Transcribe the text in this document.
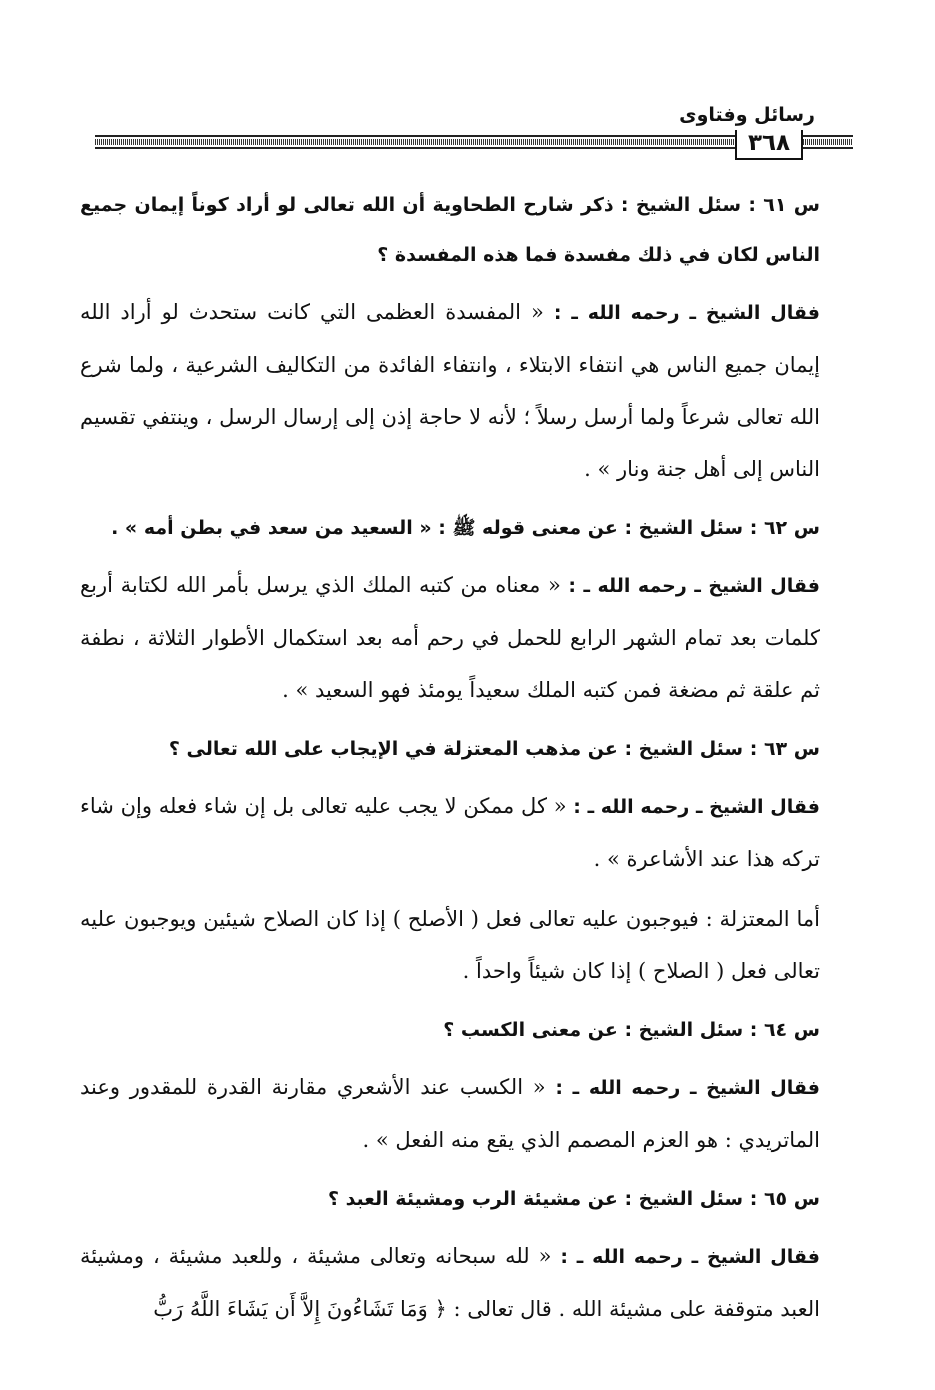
رسائل وفتاوى
٣٦٨
س ٦١ : سئل الشيخ : ذكر شارح الطحاوية أن الله تعالى لو أراد كوناً إيمان جميع الناس لكان في ذلك مفسدة فما هذه المفسدة ؟
فقال الشيخ ـ رحمه الله ـ : « المفسدة العظمى التي كانت ستحدث لو أراد الله إيمان جميع الناس هي انتفاء الابتلاء ، وانتفاء الفائدة من التكاليف الشرعية ، ولما شرع الله تعالى شرعاً ولما أرسل رسلاً ؛ لأنه لا حاجة إذن إلى إرسال الرسل ، وينتفي تقسيم الناس إلى أهل جنة ونار » .
س ٦٢ : سئل الشيخ : عن معنى قوله ﷺ : « السعيد من سعد في بطن أمه » .
فقال الشيخ ـ رحمه الله ـ : « معناه من كتبه الملك الذي يرسل بأمر الله لكتابة أربع كلمات بعد تمام الشهر الرابع للحمل في رحم أمه بعد استكمال الأطوار الثلاثة ، نطفة ثم علقة ثم مضغة فمن كتبه الملك سعيداً يومئذ فهو السعيد » .
س ٦٣ : سئل الشيخ : عن مذهب المعتزلة في الإيجاب على الله تعالى ؟
فقال الشيخ ـ رحمه الله ـ : « كل ممكن لا يجب عليه تعالى بل إن شاء فعله وإن شاء تركه هذا عند الأشاعرة » .
أما المعتزلة : فيوجبون عليه تعالى فعل ( الأصلح ) إذا كان الصلاح شيئين ويوجبون عليه تعالى فعل ( الصلاح ) إذا كان شيئاً واحداً .
س ٦٤ : سئل الشيخ : عن معنى الكسب ؟
فقال الشيخ ـ رحمه الله ـ : « الكسب عند الأشعري مقارنة القدرة للمقدور وعند الماتريدي : هو العزم المصمم الذي يقع منه الفعل » .
س ٦٥ : سئل الشيخ : عن مشيئة الرب ومشيئة العبد ؟
فقال الشيخ ـ رحمه الله ـ : « لله سبحانه وتعالى مشيئة ، وللعبد مشيئة ، ومشيئة العبد متوقفة على مشيئة الله . قال تعالى : ﴿ وَمَا تَشَاءُونَ إِلاَّ أَن يَشَاءَ اللَّهُ رَبُّ
